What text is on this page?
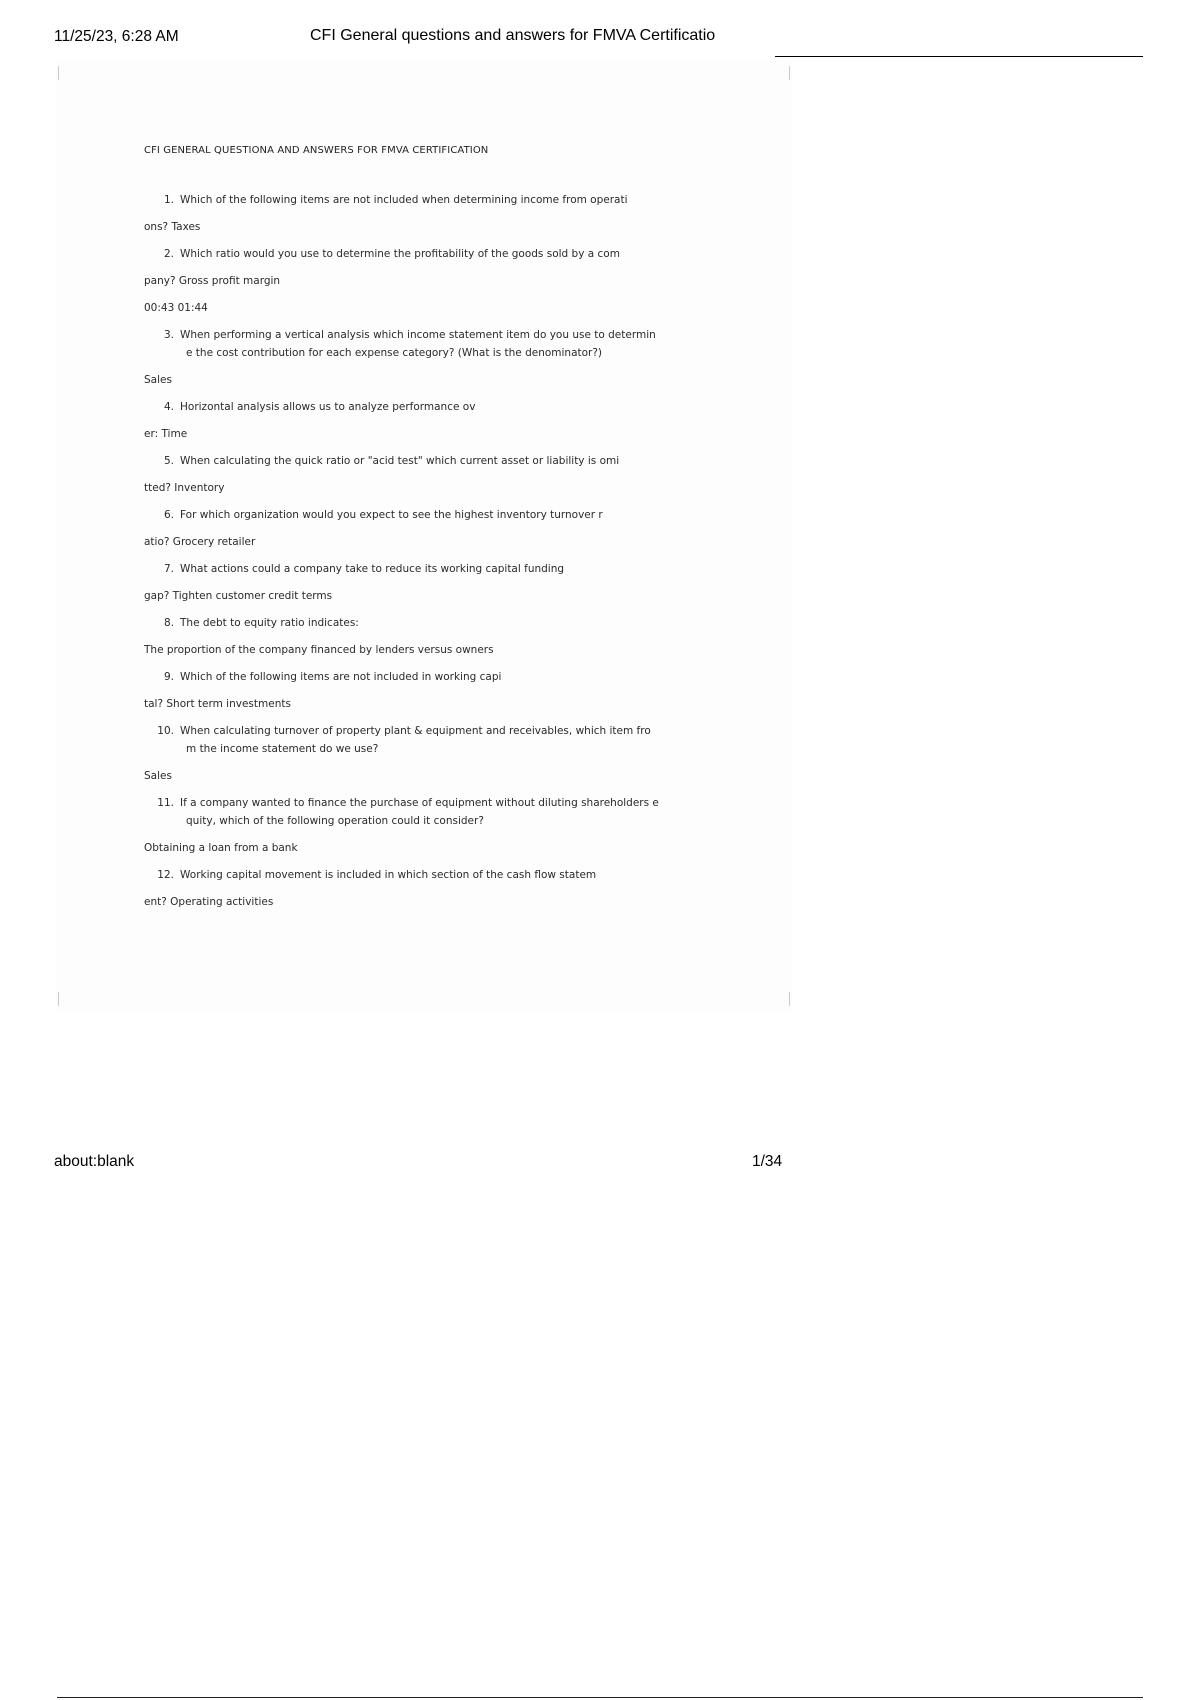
11/25/23, 6:28 AM	CFI General questions and answers for FMVA Certificatio
CFI GENERAL QUESTIONA AND ANSWERS FOR FMVA CERTIFICATION
1. Which of the following items are not included when determining income from operati
ons? Taxes
2. Which ratio would you use to determine the profitability of the goods sold by a com
pany? Gross profit margin
00:43 01:44
3. When performing a vertical analysis which income statement item do you use to determin
e the cost contribution for each expense category? (What is the denominator?)
Sales
4. Horizontal analysis allows us to analyze performance ov
er: Time
5. When calculating the quick ratio or "acid test" which current asset or liability is omi
tted? Inventory
6. For which organization would you expect to see the highest inventory turnover r
atio? Grocery retailer
7. What actions could a company take to reduce its working capital funding
gap? Tighten customer credit terms
8. The debt to equity ratio indicates:
The proportion of the company financed by lenders versus owners
9. Which of the following items are not included in working capi
tal? Short term investments
10. When calculating turnover of property plant & equipment and receivables, which item fro
m the income statement do we use?
Sales
11. If a company wanted to finance the purchase of equipment without diluting shareholders e
quity, which of the following operation could it consider?
Obtaining a loan from a bank
12. Working capital movement is included in which section of the cash flow statem
ent? Operating activities
about:blank	1/34
